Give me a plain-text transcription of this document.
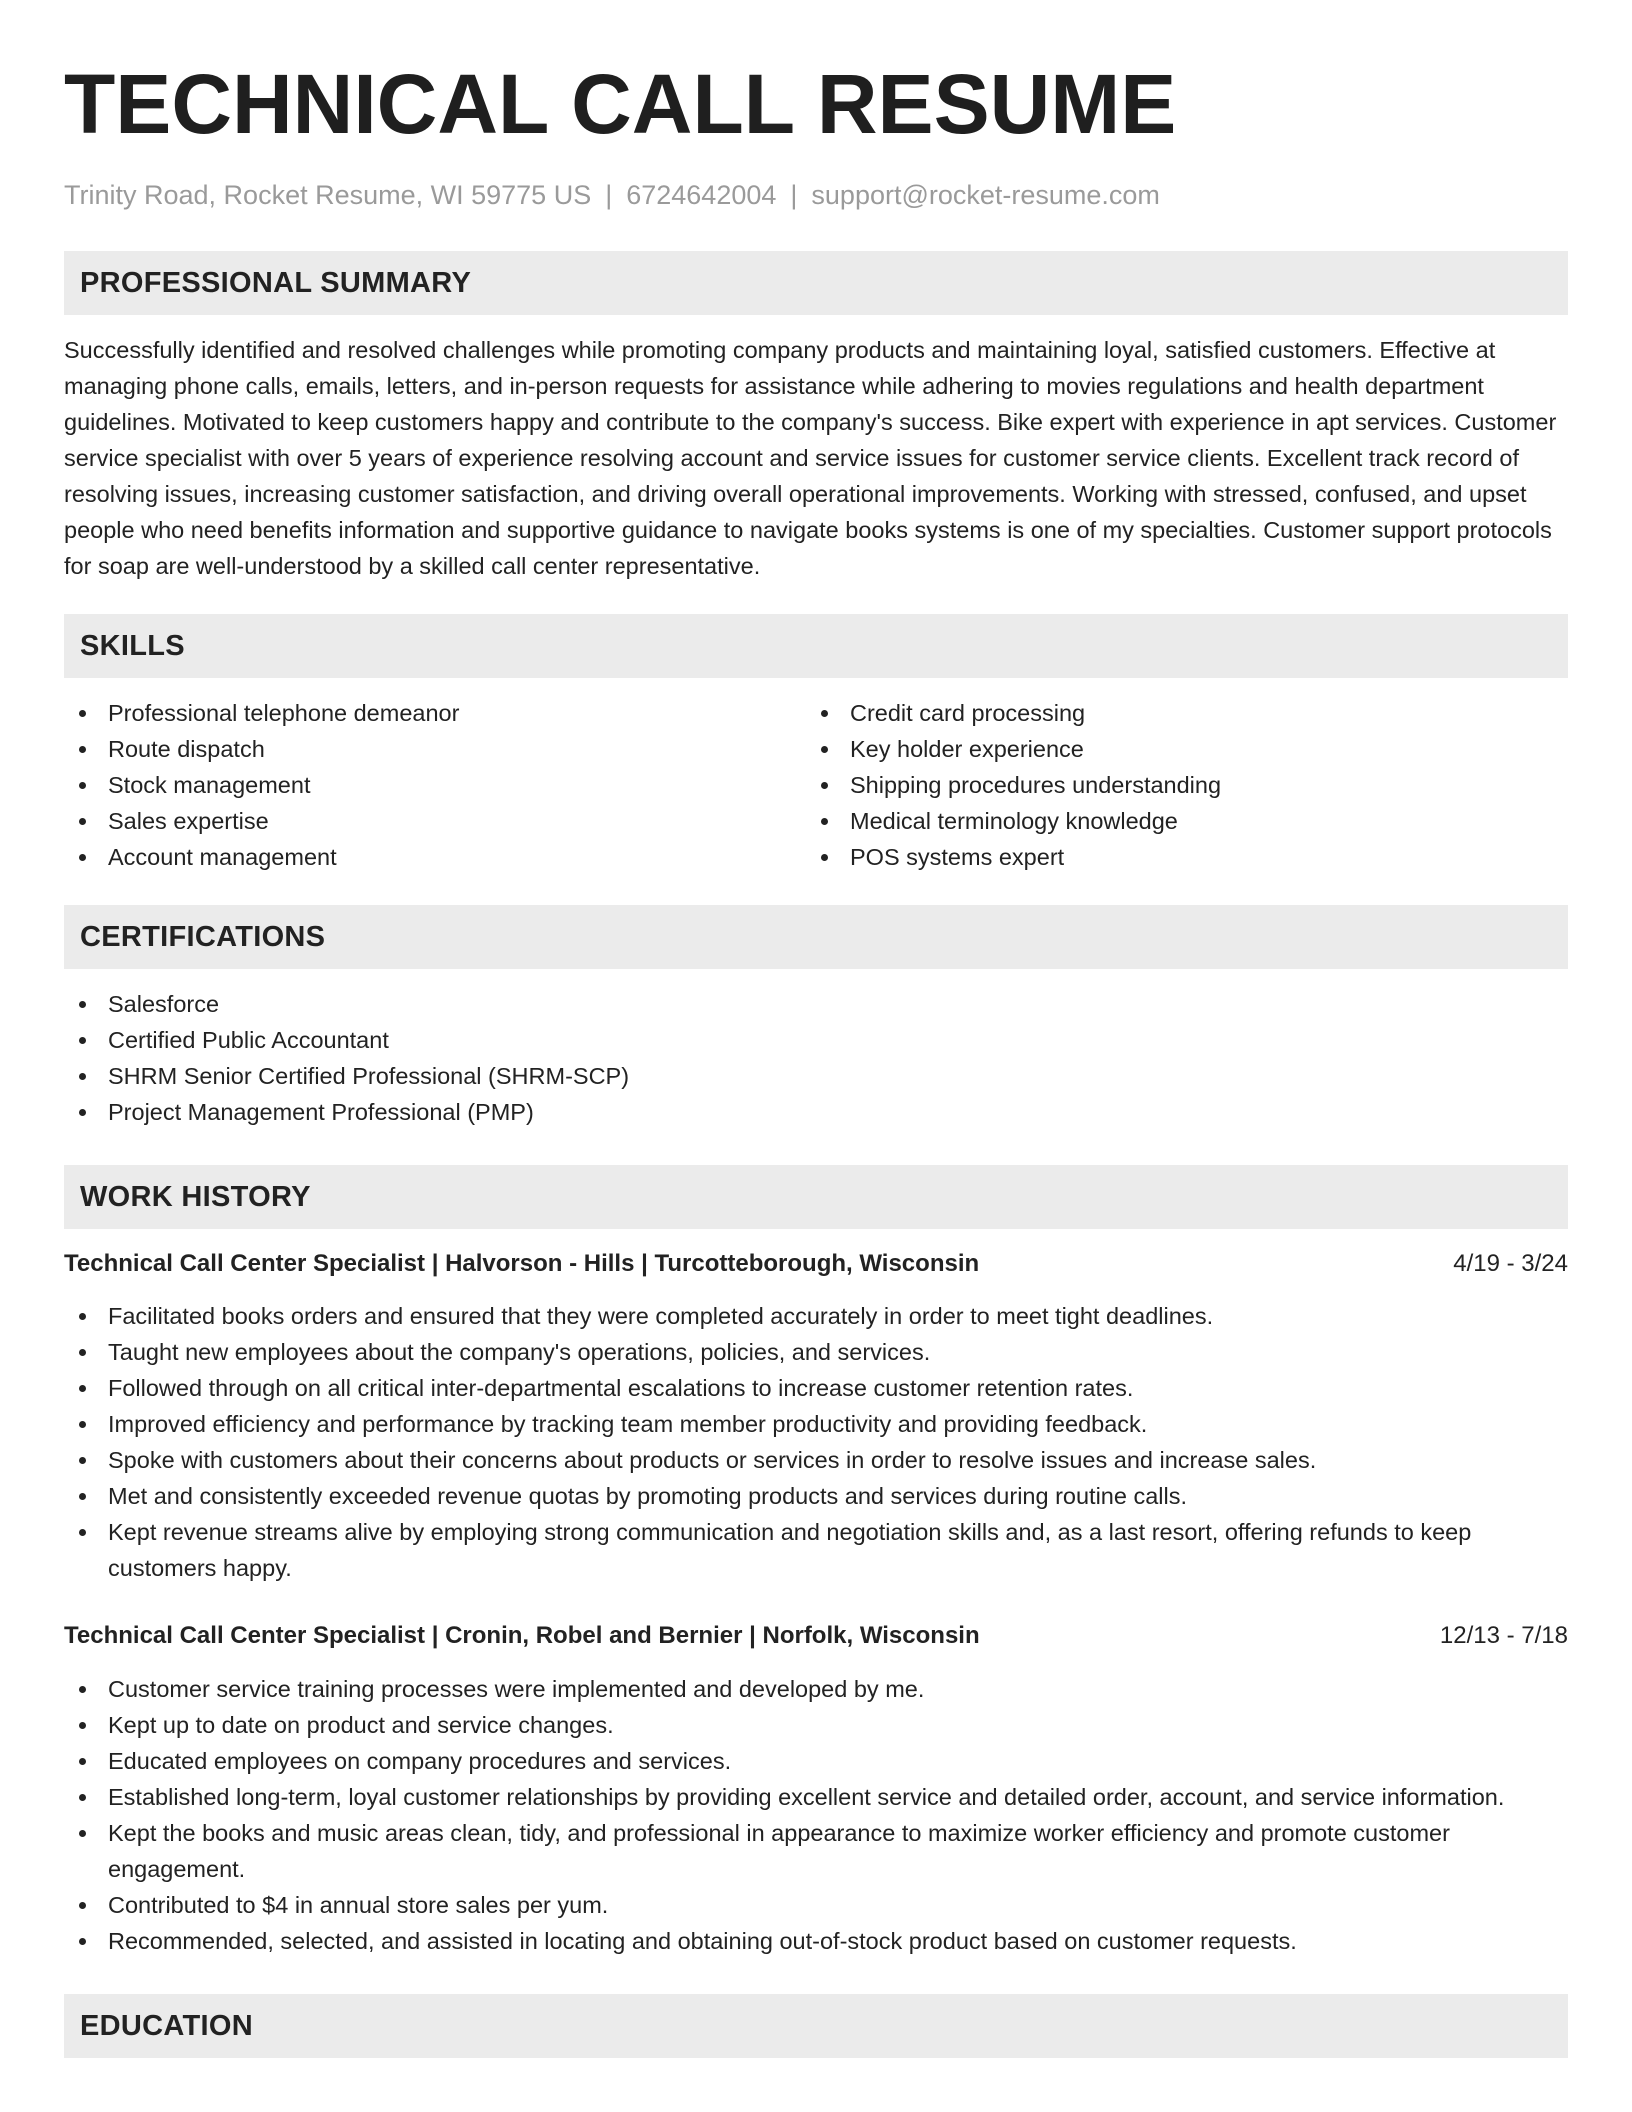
TECHNICAL CALL RESUME
Trinity Road, Rocket Resume, WI 59775 US | 6724642004 | support@rocket-resume.com
PROFESSIONAL SUMMARY

Successfully identified and resolved challenges while promoting company products and maintaining loyal, satisfied customers. Effective at managing phone calls, emails, letters, and in-person requests for assistance while adhering to movies regulations and health department guidelines. Motivated to keep customers happy and contribute to the company's success. Bike expert with experience in apt services. Customer service specialist with over 5 years of experience resolving account and service issues for customer service clients. Excellent track record of resolving issues, increasing customer satisfaction, and driving overall operational improvements. Working with stressed, confused, and upset people who need benefits information and supportive guidance to navigate books systems is one of my specialties. Customer support protocols for soap are well-understood by a skilled call center representative.

SKILLS
Professional telephone demeanor
Route dispatch
Stock management
Sales expertise
Account management
Credit card processing
Key holder experience
Shipping procedures understanding
Medical terminology knowledge
POS systems expert
CERTIFICATIONS
Salesforce
Certified Public Accountant
SHRM Senior Certified Professional (SHRM-SCP)
Project Management Professional (PMP)
WORK HISTORY
Technical Call Center Specialist | Halvorson - Hills | Turcotteborough, Wisconsin	4/19 - 3/24
Facilitated books orders and ensured that they were completed accurately in order to meet tight deadlines.
Taught new employees about the company's operations, policies, and services.
Followed through on all critical inter-departmental escalations to increase customer retention rates.
Improved efficiency and performance by tracking team member productivity and providing feedback.
Spoke with customers about their concerns about products or services in order to resolve issues and increase sales.
Met and consistently exceeded revenue quotas by promoting products and services during routine calls.
Kept revenue streams alive by employing strong communication and negotiation skills and, as a last resort, offering refunds to keep customers happy.
Technical Call Center Specialist | Cronin, Robel and Bernier | Norfolk, Wisconsin	12/13 - 7/18
Customer service training processes were implemented and developed by me.
Kept up to date on product and service changes.
Educated employees on company procedures and services.
Established long-term, loyal customer relationships by providing excellent service and detailed order, account, and service information.
Kept the books and music areas clean, tidy, and professional in appearance to maximize worker efficiency and promote customer engagement.
Contributed to $4 in annual store sales per yum.
Recommended, selected, and assisted in locating and obtaining out-of-stock product based on customer requests.
EDUCATION
